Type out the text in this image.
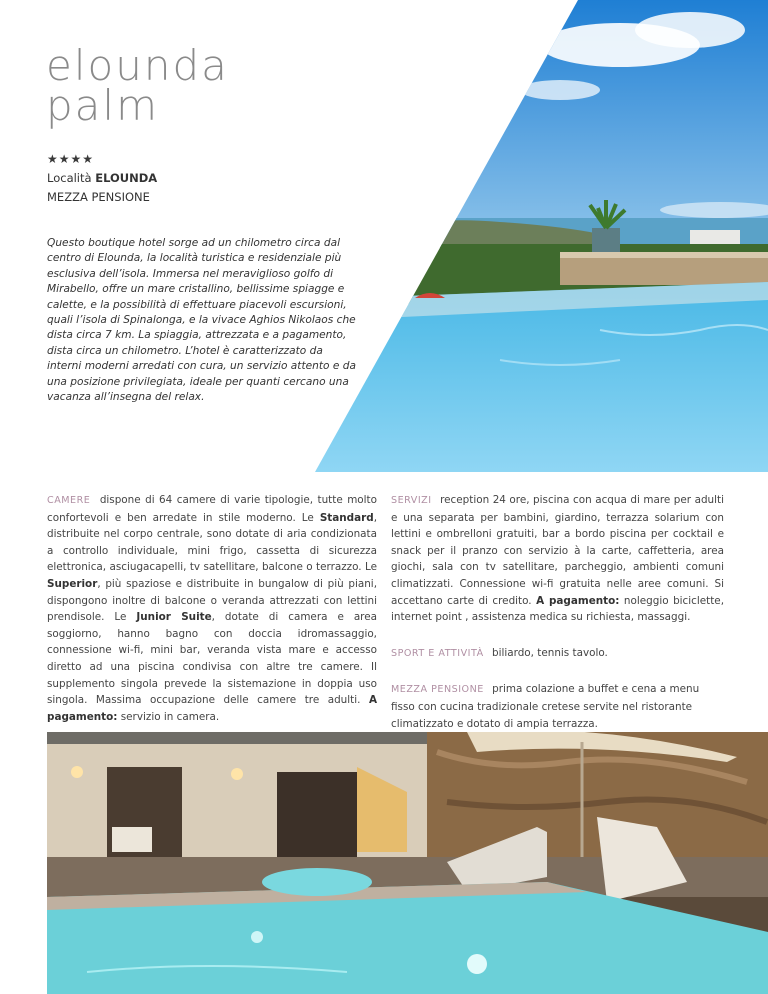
elounda
palm
★★★★
Località ELOUNDA
MEZZA PENSIONE

Questo boutique hotel sorge ad un chilometro circa dal centro di Elounda, la località turistica e residenziale più esclusiva dell’isola. Immersa nel meraviglioso golfo di Mirabello, offre un mare cristallino, bellissime spiagge e calette, e la possibilità di effettuare piacevoli escursioni, quali l’isola di Spinalonga, e la vivace Aghios Nikolaos che dista circa 7 km. La spiaggia, attrezzata e a pagamento, dista circa un chilometro. L’hotel è caratterizzato da interni moderni arredati con cura, un servizio attento e da una posizione privilegiata, ideale per quanti cercano una vacanza all’insegna del relax.

CAMERE dispone di 64 camere di varie tipologie, tutte molto confortevoli e ben arredate in stile moderno. Le Standard, distribuite nel corpo centrale, sono dotate di aria condizionata a controllo individuale, mini frigo, cassetta di sicurezza elettronica, asciugacapelli, tv satellitare, balcone o terrazzo. Le Superior, più spaziose e distribuite in bungalow di più piani, dispongono inoltre di balcone o veranda attrezzati con lettini prendisole. Le Junior Suite, dotate di camera e area soggiorno, hanno bagno con doccia idromassaggio, connessione wi-fi, mini bar, veranda vista mare e accesso diretto ad una piscina condivisa con altre tre camere. Il supplemento singola prevede la sistemazione in doppia uso singola. Massima occupazione delle camere tre adulti. A pagamento: servizio in camera.

SERVIZI reception 24 ore, piscina con acqua di mare per adulti e una separata per bambini, giardino, terrazza solarium con lettini e ombrelloni gratuiti, bar a bordo piscina per cocktail e snack per il pranzo con servizio à la carte, caffetteria, area giochi, sala con tv satellitare, parcheggio, ambienti comuni climatizzati. Connessione wi-fi gratuita nelle aree comuni. Si accettano carte di credito. A pagamento: noleggio biciclette, internet point , assistenza medica su richiesta, massaggi.

SPORT E ATTIVITÀ biliardo, tennis tavolo.

MEZZA PENSIONE prima colazione a buffet e cena a menu fisso con cucina tradizionale cretese servite nel ristorante climatizzato e dotato di ampia terrazza.
